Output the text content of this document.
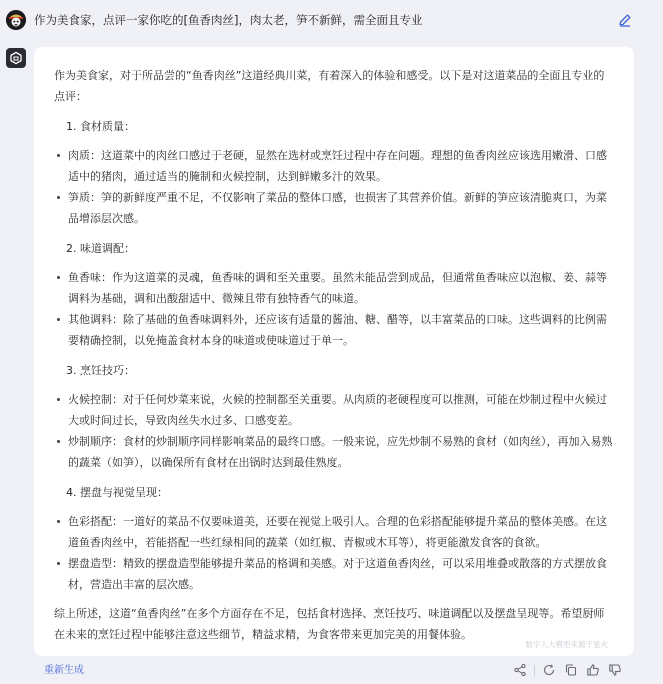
作为美食家，点评一家你吃的[鱼香肉丝]，肉太老，笋不新鲜，需全面且专业
作为美食家，对于所品尝的“鱼香肉丝”这道经典川菜，有着深入的体验和感受。以下是对这道菜品的全面且专业的点评：
1. 食材质量：
肉质：这道菜中的肉丝口感过于老硬，显然在选材或烹饪过程中存在问题。理想的鱼香肉丝应该选用嫩滑、口感适中的猪肉，通过适当的腌制和火候控制，达到鲜嫩多汁的效果。
笋质：笋的新鲜度严重不足，不仅影响了菜品的整体口感，也损害了其营养价值。新鲜的笋应该清脆爽口，为菜品增添层次感。
2. 味道调配：
鱼香味：作为这道菜的灵魂，鱼香味的调和至关重要。虽然未能品尝到成品，但通常鱼香味应以泡椒、姜、蒜等调料为基础，调和出酸甜适中、微辣且带有独特香气的味道。
其他调料：除了基础的鱼香味调料外，还应该有适量的酱油、糖、醋等，以丰富菜品的口味。这些调料的比例需要精确控制，以免掩盖食材本身的味道或使味道过于单一。
3. 烹饪技巧：
火候控制：对于任何炒菜来说，火候的控制都至关重要。从肉质的老硬程度可以推测，可能在炒制过程中火候过大或时间过长，导致肉丝失水过多、口感变差。
炒制顺序：食材的炒制顺序同样影响菜品的最终口感。一般来说，应先炒制不易熟的食材（如肉丝），再加入易熟的蔬菜（如笋），以确保所有食材在出锅时达到最佳熟度。
4. 摆盘与视觉呈现：
色彩搭配：一道好的菜品不仅要味道美，还要在视觉上吸引人。合理的色彩搭配能够提升菜品的整体美感。在这道鱼香肉丝中，若能搭配一些红绿相间的蔬菜（如红椒、青椒或木耳等），将更能激发食客的食欲。
摆盘造型：精致的摆盘造型能够提升菜品的格调和美感。对于这道鱼香肉丝，可以采用堆叠或散落的方式摆放食材，营造出丰富的层次感。
综上所述，这道“鱼香肉丝”在多个方面存在不足，包括食材选择、烹饪技巧、味道调配以及摆盘呈现等。希望厨师在未来的烹饪过程中能够注意这些细节，精益求精，为食客带来更加完美的用餐体验。
数字人大模型来源于星火
重新生成
